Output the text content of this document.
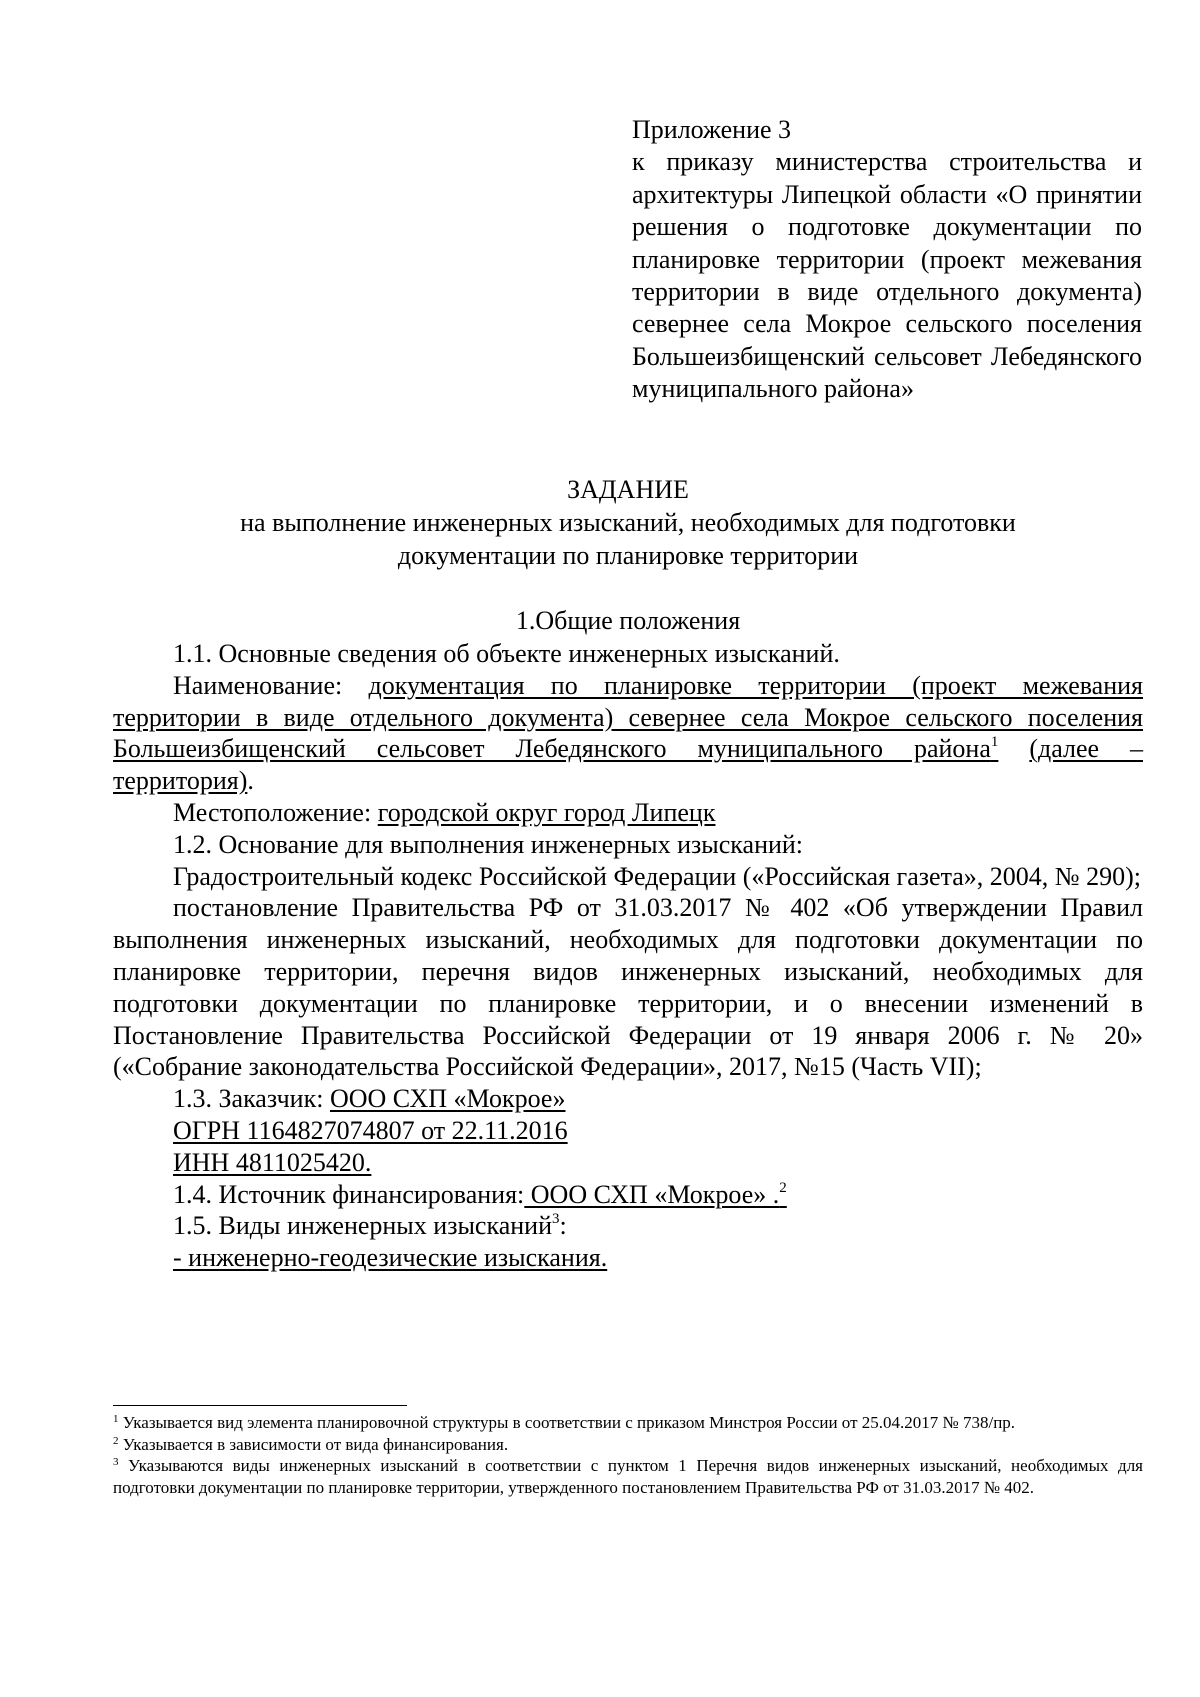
Приложение 3
к приказу министерства строительства и архитектуры Липецкой области «О принятии решения о подготовке документации по планировке территории (проект межевания территории в виде отдельного документа) севернее села Мокрое сельского поселения Большеизбищенский сельсовет Лебедянского муниципального района»
ЗАДАНИЕ
на выполнение инженерных изысканий, необходимых для подготовки
документации по планировке территории
1.Общие положения

1.1. Основные сведения об объекте инженерных изысканий.

Наименование: документация по планировке территории (проект межевания территории в виде отдельного документа) севернее села Мокрое сельского поселения Большеизбищенский сельсовет Лебедянского муниципального района$^1$ (далее – территория).

Местоположение: городской округ город Липецк

1.2. Основание для выполнения инженерных изысканий:

Градостроительный кодекс Российской Федерации («Российская газета», 2004, № 290);

постановление Правительства РФ от 31.03.2017 № 402 «Об утверждении Правил выполнения инженерных изысканий, необходимых для подготовки документации по планировке территории, перечня видов инженерных изысканий, необходимых для подготовки документации по планировке территории, и о внесении изменений в Постановление Правительства Российской Федерации от 19 января 2006 г. № 20» («Собрание законодательства Российской Федерации», 2017, №15 (Часть VII);

1.3. Заказчик: ООО СХП «Мокрое»

ОГРН 1164827074807 от 22.11.2016

ИНН 4811025420.

1.4. Источник финансирования: ООО СХП «Мокрое» .$^2$

1.5. Виды инженерных изысканий$^3$:

- инженерно-геодезические изыскания.

$^1$ Указывается вид элемента планировочной структуры в соответствии с приказом Минстроя России от 25.04.2017 № 738/пр.

$^2$ Указывается в зависимости от вида финансирования.

$^3$ Указываются виды инженерных изысканий в соответствии с пунктом 1 Перечня видов инженерных изысканий, необходимых для подготовки документации по планировке территории, утвержденного постановлением Правительства РФ от 31.03.2017 № 402.
